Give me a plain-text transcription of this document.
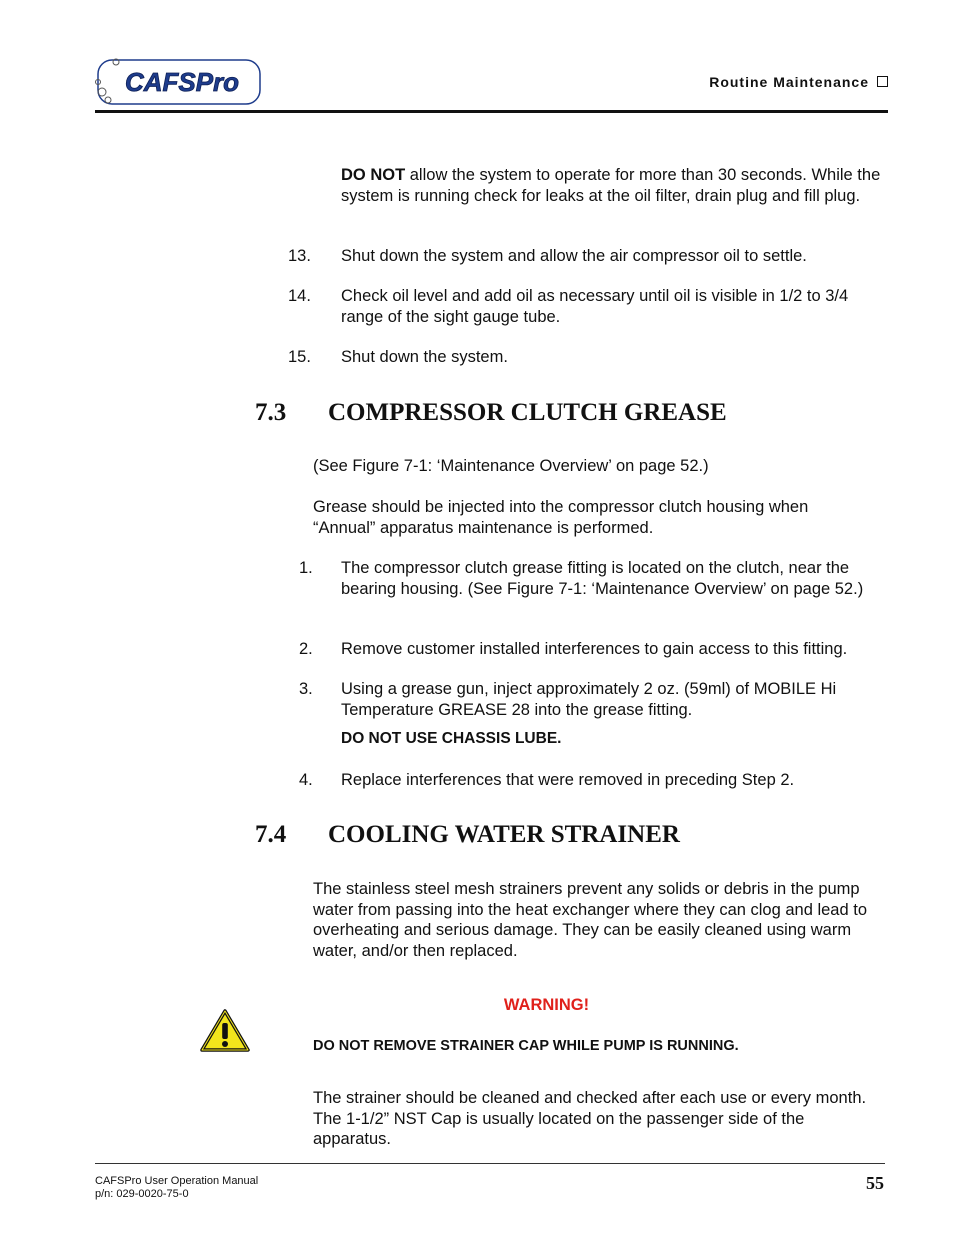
CAFSPro	Routine Maintenance
DO NOT allow the system to operate for more than 30 seconds. While the system is running check for leaks at the oil filter, drain plug and fill plug.
13. Shut down the system and allow the air compressor oil to settle.
14. Check oil level and add oil as necessary until oil is visible in 1/2 to 3/4 range of the sight gauge tube.
15. Shut down the system.
7.3 COMPRESSOR CLUTCH GREASE
(See Figure 7-1: ‘Maintenance Overview’ on page 52.)
Grease should be injected into the compressor clutch housing when “Annual” apparatus maintenance is performed.
1. The compressor clutch grease fitting is located on the clutch, near the bearing housing. (See Figure 7-1: ‘Maintenance Overview’ on page 52.)
2. Remove customer installed interferences to gain access to this fitting.
3. Using a grease gun, inject approximately 2 oz. (59ml) of MOBILE Hi Temperature GREASE 28 into the grease fitting.
DO NOT USE CHASSIS LUBE.
4. Replace interferences that were removed in preceding Step 2.
7.4 COOLING WATER STRAINER
The stainless steel mesh strainers prevent any solids or debris in the pump water from passing into the heat exchanger where they can clog and lead to overheating and serious damage. They can be easily cleaned using warm water, and/or then replaced.
WARNING!
DO NOT REMOVE STRAINER CAP WHILE PUMP IS RUNNING.
The strainer should be cleaned and checked after each use or every month. The 1-1/2” NST Cap is usually located on the passenger side of the apparatus.
CAFSPro User Operation Manual
p/n: 029-0020-75-0
55
